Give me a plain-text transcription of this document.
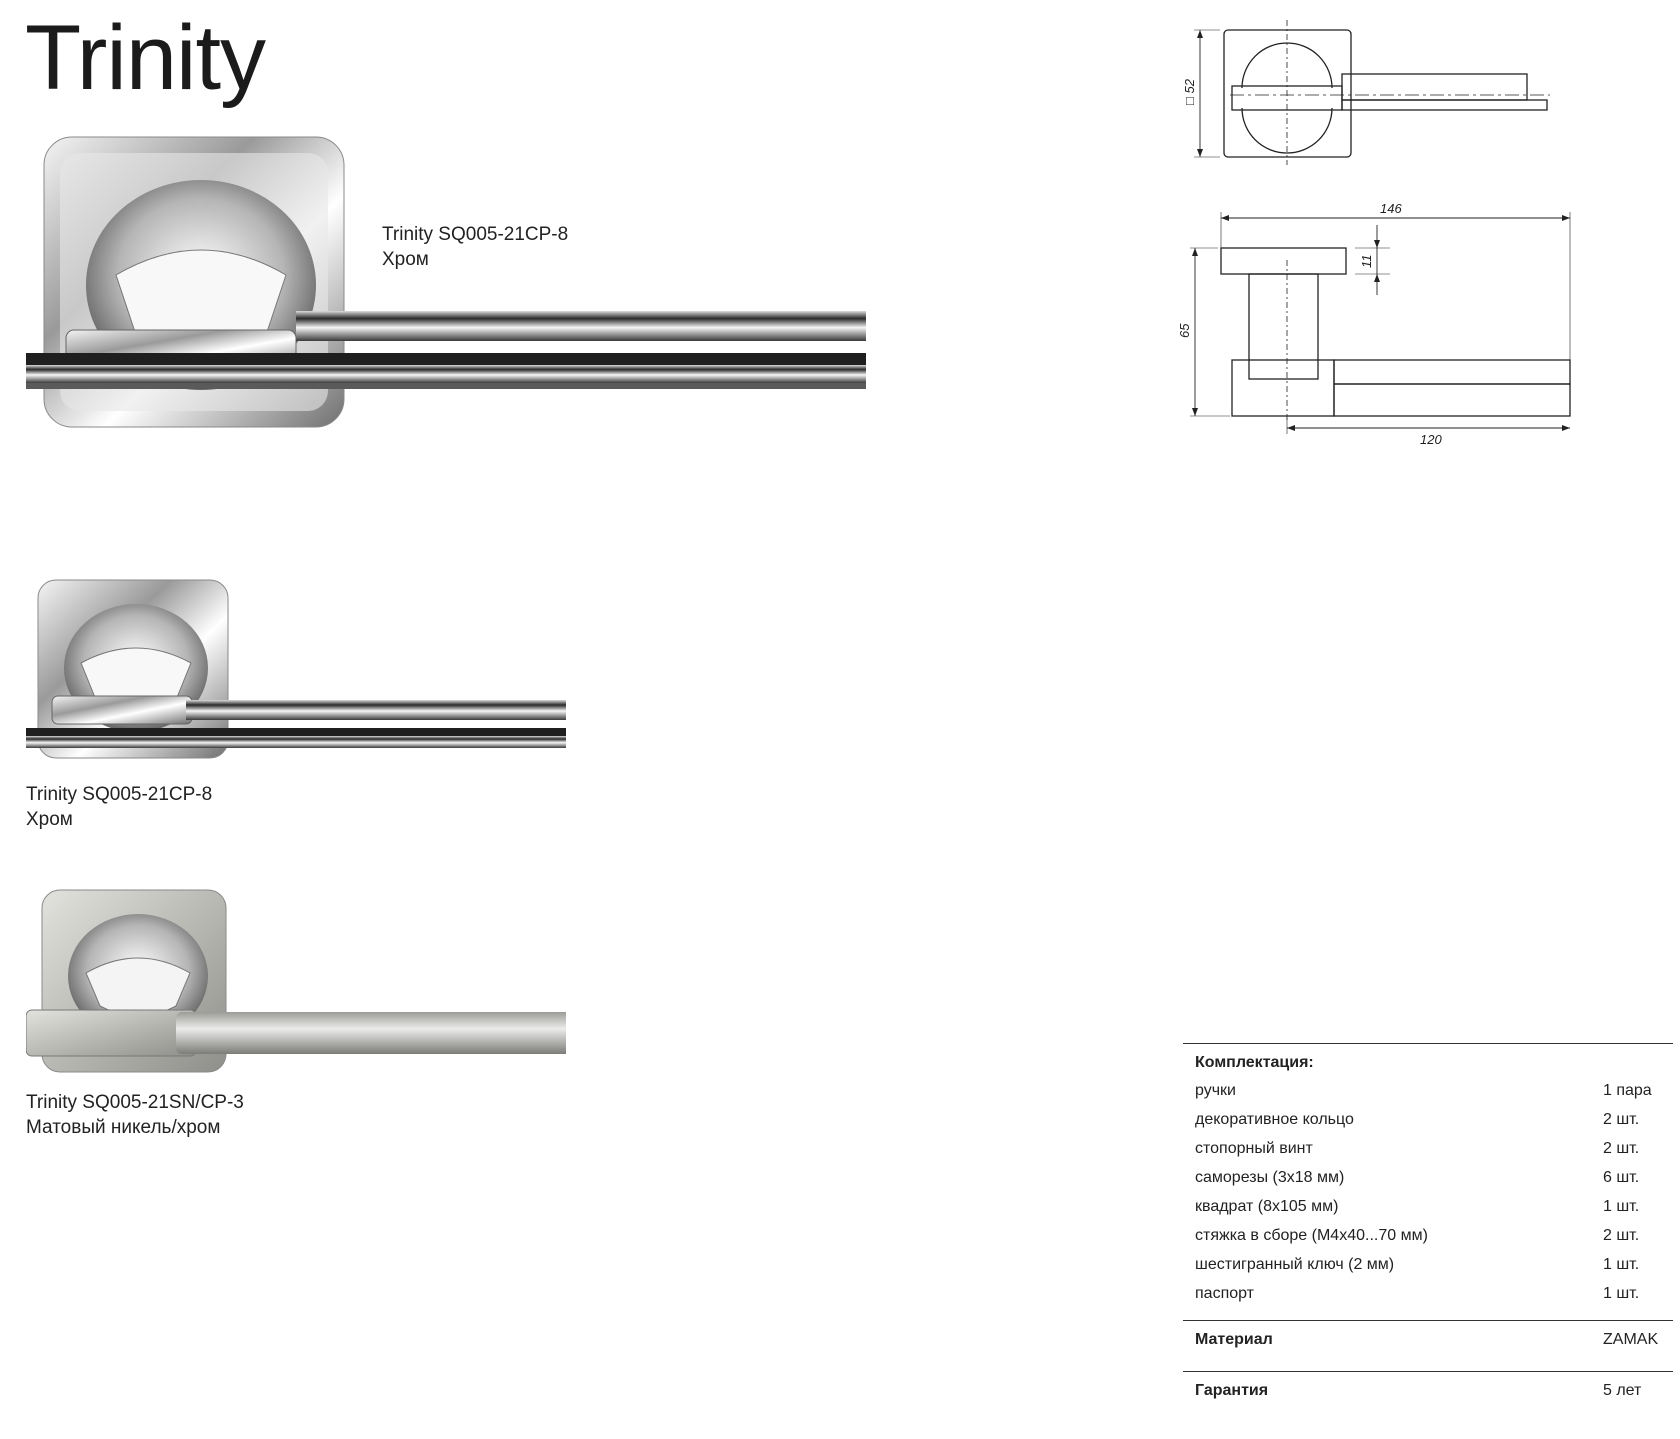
Trinity
Trinity SQ005-21CP-8
Хром
Trinity SQ005-21CP-8
Хром
Trinity SQ005-21SN/CP-3
Матовый никель/хром
□ 52
146
11
65
120
Комплектация:
ручки	1 пара
декоративное кольцо	2 шт.
стопорный винт	2 шт.
саморезы (3х18 мм)	6 шт.
квадрат (8х105 мм)	1 шт.
стяжка в сборе (М4х40...70 мм)	2 шт.
шестигранный ключ (2 мм)	1 шт.
паспорт	1 шт.
Материал	ZAMAK
Гарантия	5 лет
